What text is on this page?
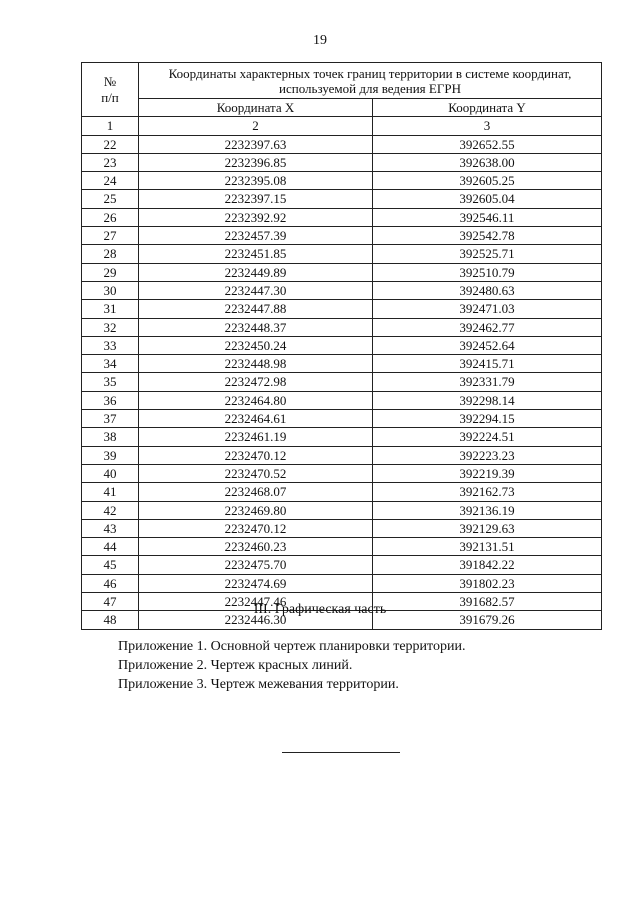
19
№
п/п	Координаты характерных точек границ территории в системе координат, используемой для ведения ЕГРН	
	Координата X	Координата Y
1	2	3
22	2232397.63	392652.55
23	2232396.85	392638.00
24	2232395.08	392605.25
25	2232397.15	392605.04
26	2232392.92	392546.11
27	2232457.39	392542.78
28	2232451.85	392525.71
29	2232449.89	392510.79
30	2232447.30	392480.63
31	2232447.88	392471.03
32	2232448.37	392462.77
33	2232450.24	392452.64
34	2232448.98	392415.71
35	2232472.98	392331.79
36	2232464.80	392298.14
37	2232464.61	392294.15
38	2232461.19	392224.51
39	2232470.12	392223.23
40	2232470.52	392219.39
41	2232468.07	392162.73
42	2232469.80	392136.19
43	2232470.12	392129.63
44	2232460.23	392131.51
45	2232475.70	391842.22
46	2232474.69	391802.23
47	2232447.46	391682.57
48	2232446.30	391679.26
III. Графическая часть
Приложение 1. Основной чертеж планировки территории.
Приложение 2. Чертеж красных линий.
Приложение 3. Чертеж межевания территории.
